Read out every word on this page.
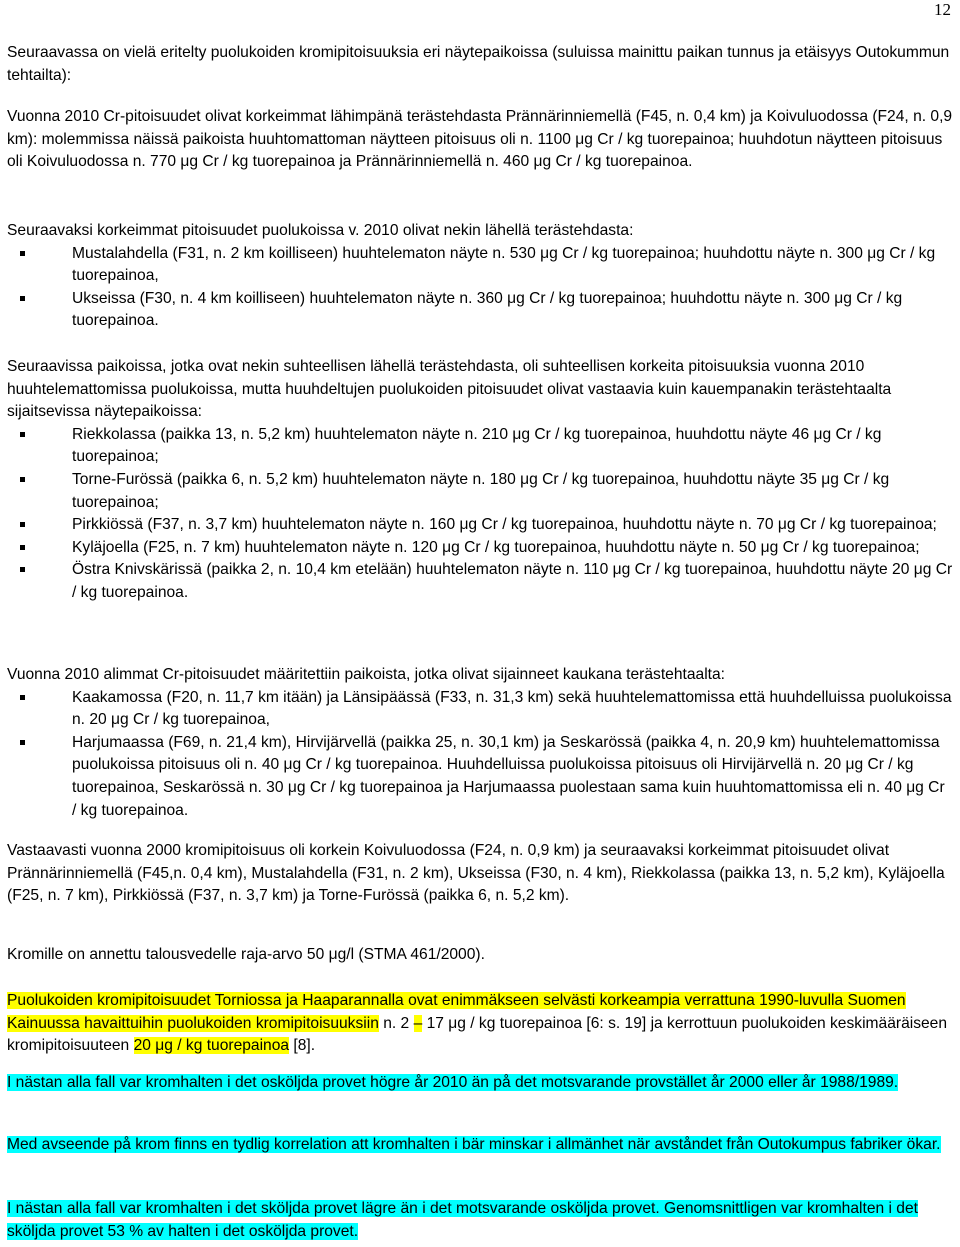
12

Seuraavassa on vielä eritelty puolukoiden kromipitoisuuksia eri näytepaikoissa (suluissa mainittu paikan tunnus ja etäisyys Outokummun tehtailta):

Vuonna 2010 Cr-pitoisuudet olivat korkeimmat lähimpänä terästehdasta Prännärinniemellä (F45, n. 0,4 km) ja Koivuluodossa (F24, n. 0,9 km): molemmissa näissä paikoista huuhtomattoman näytteen pitoisuus oli n. 1100 μg Cr / kg tuorepainoa; huuhdotun näytteen pitoisuus oli Koivuluodossa n. 770 μg Cr / kg tuorepainoa ja Prännärinniemellä n. 460 μg Cr / kg tuorepainoa.

Seuraavaksi korkeimmat pitoisuudet puolukoissa v. 2010 olivat nekin lähellä terästehdasta:

Mustalahdella (F31, n. 2 km koilliseen) huuhtelematon näyte n. 530 μg Cr / kg tuorepainoa; huuhdottu näyte n. 300 μg Cr / kg tuorepainoa,
Ukseissa (F30, n. 4 km koilliseen) huuhtelematon näyte n. 360 μg Cr / kg tuorepainoa; huuhdottu näyte n. 300 μg Cr / kg tuorepainoa.

Seuraavissa paikoissa, jotka ovat nekin suhteellisen lähellä terästehdasta, oli suhteellisen korkeita pitoisuuksia vuonna 2010 huuhtelemattomissa puolukoissa, mutta huuhdeltujen puolukoiden pitoisuudet olivat vastaavia kuin kauempanakin terästehtaalta sijaitsevissa näytepaikoissa:

Riekkolassa (paikka 13, n. 5,2 km) huuhtelematon näyte n. 210 μg Cr / kg tuorepainoa, huuhdottu näyte 46 μg Cr / kg tuorepainoa;
Torne-Furössä (paikka 6, n. 5,2 km) huuhtelematon näyte n. 180 μg Cr / kg tuorepainoa, huuhdottu näyte 35 μg Cr / kg tuorepainoa;
Pirkkiössä (F37, n. 3,7 km) huuhtelematon näyte n. 160 μg Cr / kg tuorepainoa, huuhdottu näyte n. 70 μg Cr / kg tuorepainoa;
Kyläjoella (F25, n. 7 km) huuhtelematon näyte n. 120 μg Cr / kg tuorepainoa, huuhdottu näyte n. 50 μg Cr / kg tuorepainoa;
Östra Knivskärissä (paikka 2, n. 10,4 km etelään) huuhtelematon näyte n. 110 μg Cr / kg tuorepainoa, huuhdottu näyte 20 μg Cr / kg tuorepainoa.

Vuonna 2010 alimmat Cr-pitoisuudet määritettiin paikoista, jotka olivat sijainneet kaukana terästehtaalta:

Kaakamossa (F20, n. 11,7 km itään) ja Länsipäässä (F33, n. 31,3 km) sekä huuhtelemattomissa että huuhdelluissa puolukoissa n. 20 μg Cr / kg tuorepainoa,
Harjumaassa (F69, n. 21,4 km), Hirvijärvellä (paikka 25, n. 30,1 km) ja Seskarössä (paikka 4, n. 20,9 km) huuhtelemattomissa puolukoissa pitoisuus oli n. 40 μg Cr / kg tuorepainoa. Huuhdelluissa puolukoissa pitoisuus oli Hirvijärvellä n. 20 μg Cr / kg tuorepainoa, Seskarössä n. 30 μg Cr / kg tuorepainoa ja Harjumaassa puolestaan sama kuin huuhtomattomissa eli n. 40 μg Cr / kg tuorepainoa.

Vastaavasti vuonna 2000 kromipitoisuus oli korkein Koivuluodossa (F24, n. 0,9 km) ja seuraavaksi korkeimmat pitoisuudet olivat Prännärinniemellä (F45,n. 0,4 km), Mustalahdella (F31, n. 2 km), Ukseissa (F30, n. 4 km), Riekkolassa (paikka 13, n. 5,2 km), Kyläjoella (F25, n. 7 km), Pirkkiössä (F37, n. 3,7 km) ja Torne-Furössä (paikka 6, n. 5,2 km).

Kromille on annettu talousvedelle raja-arvo 50 μg/l (STMA 461/2000).

Puolukoiden kromipitoisuudet Torniossa ja Haaparannalla ovat enimmäkseen selvästi korkeampia verrattuna 1990-luvulla Suomen Kainuussa havaittuihin puolukoiden kromipitoisuuksiin n. 2 – 17 μg / kg tuorepainoa [6: s. 19] ja kerrottuun puolukoiden keskimääräiseen kromipitoisuuteen 20 μg / kg tuorepainoa [8].

I nästan alla fall var kromhalten i det osköljda provet högre år 2010 än på det motsvarande provstället år 2000 eller år 1988/1989.

Med avseende på krom finns en tydlig korrelation att kromhalten i bär minskar i allmänhet när avståndet från Outokumpus fabriker ökar.

I nästan alla fall var kromhalten i det sköljda provet lägre än i det motsvarande osköljda provet. Genomsnittligen var kromhalten i det sköljda provet 53 % av halten i det osköljda provet.
